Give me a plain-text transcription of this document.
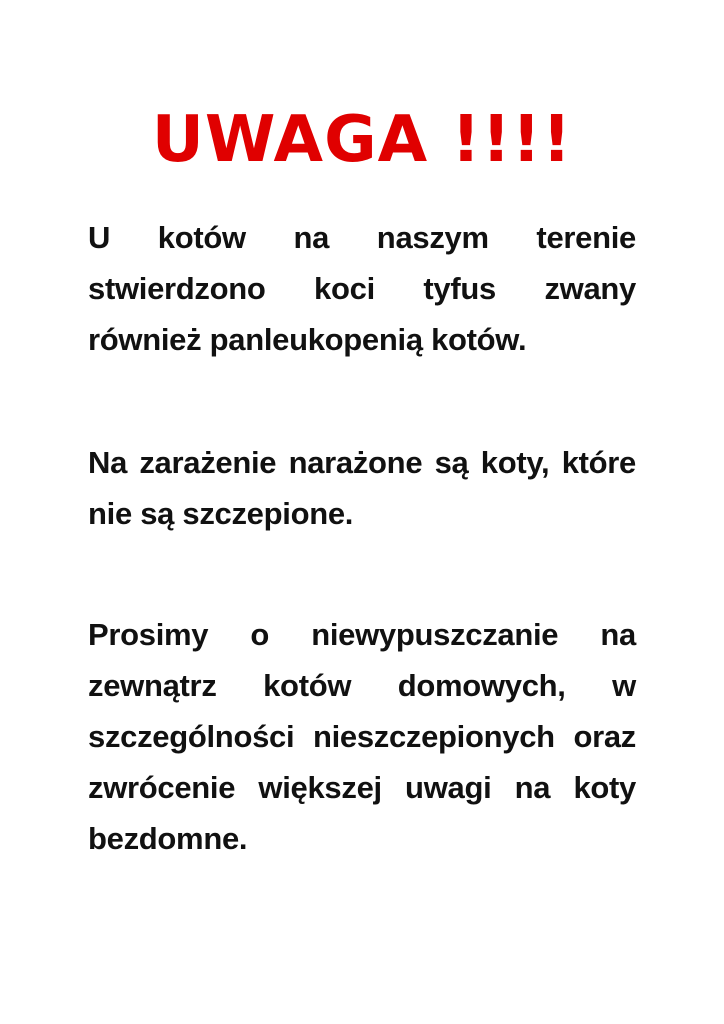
UWAGA !!!!

U kotów na naszym terenie stwierdzono koci tyfus zwany również panleukopenią kotów.

Na zarażenie narażone są koty, które nie są szczepione.

Prosimy o niewypuszczanie na zewnątrz kotów domowych, w szczególności nieszczepionych oraz zwrócenie większej uwagi na koty bezdomne.
